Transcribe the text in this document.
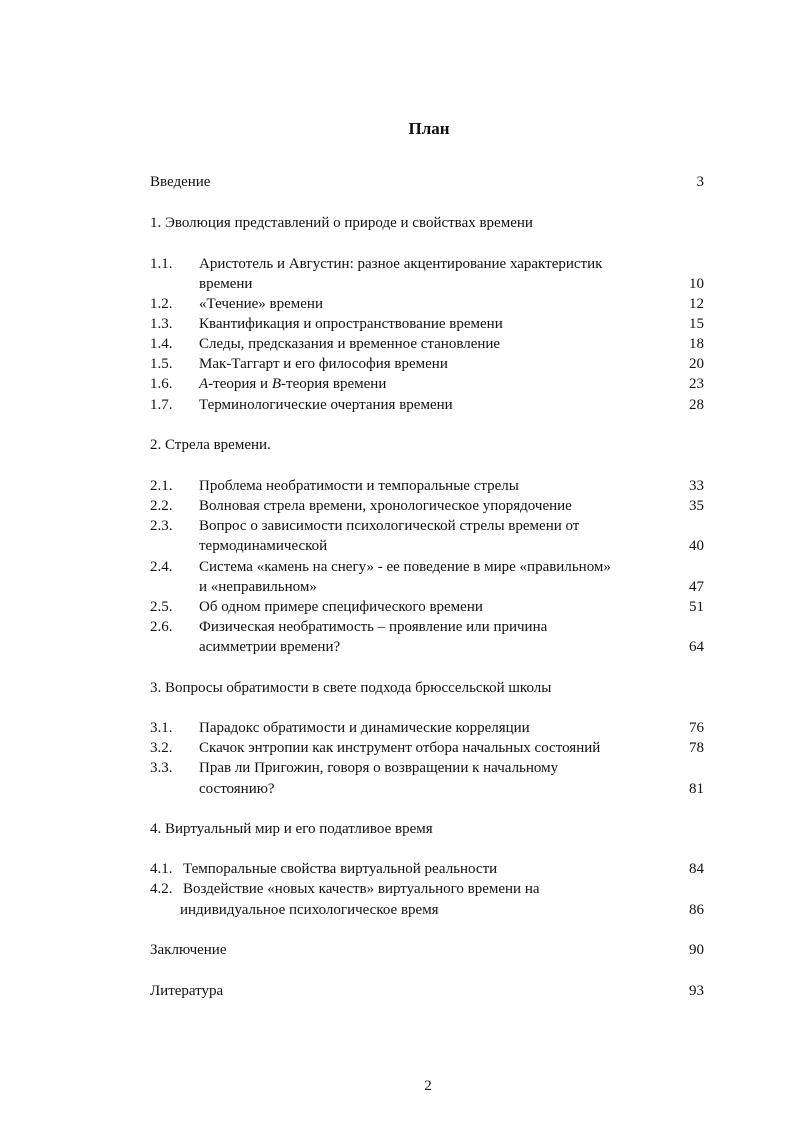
План
Введение	3
1. Эволюция представлений о природе и свойствах времени
1.1. Аристотель и Августин: разное акцентирование характеристик
времени	10
1.2. «Течение» времени	12
1.3. Квантификация и опространствование времени	15
1.4. Следы, предсказания и временное становление	18
1.5. Мак-Таггарт и его философия времени	20
1.6. A-теория и B-теория времени	23
1.7. Терминологические очертания времени	28
2. Стрела времени.
2.1. Проблема необратимости и темпоральные стрелы	33
2.2. Волновая стрела времени, хронологическое упорядочение	35
2.3. Вопрос о зависимости психологической стрелы времени от
термодинамической	40
2.4. Система «камень на снегу» - ее поведение в мире «правильном»
и «неправильном»	47
2.5. Об одном примере специфического времени	51
2.6. Физическая необратимость – проявление или причина
асимметрии времени?	64
3. Вопросы обратимости в свете подхода брюссельской школы
3.1. Парадокс обратимости и динамические корреляции	76
3.2. Скачок энтропии как инструмент отбора начальных состояний	78
3.3. Прав ли Пригожин, говоря о возвращении к начальному
состоянию?	81
4. Виртуальный мир и его податливое время
4.1. Темпоральные свойства виртуальной реальности	84
4.2. Воздействие «новых качеств» виртуального времени на
индивидуальное психологическое время	86
Заключение	90
Литература	93
2
